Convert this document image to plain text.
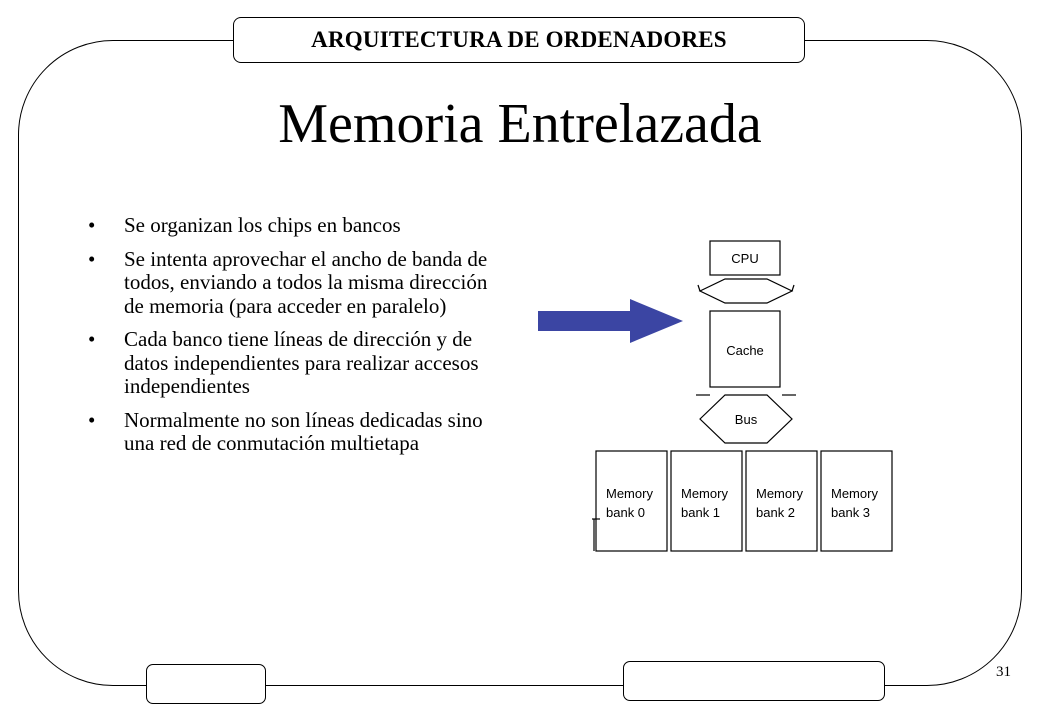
ARQUITECTURA DE ORDENADORES
Memoria Entrelazada
• Se organizan los chips en bancos
• Se intenta aprovechar el ancho de banda de todos, enviando a todos la misma dirección de memoria (para acceder en paralelo)
• Cada banco tiene líneas de dirección y de datos independientes para realizar accesos independientes
• Normalmente no son líneas dedicadas sino una red de conmutación multietapa
CPU
Cache
Bus
Memory
bank 0
Memory
bank 1
Memory
bank 2
Memory
bank 3
31
